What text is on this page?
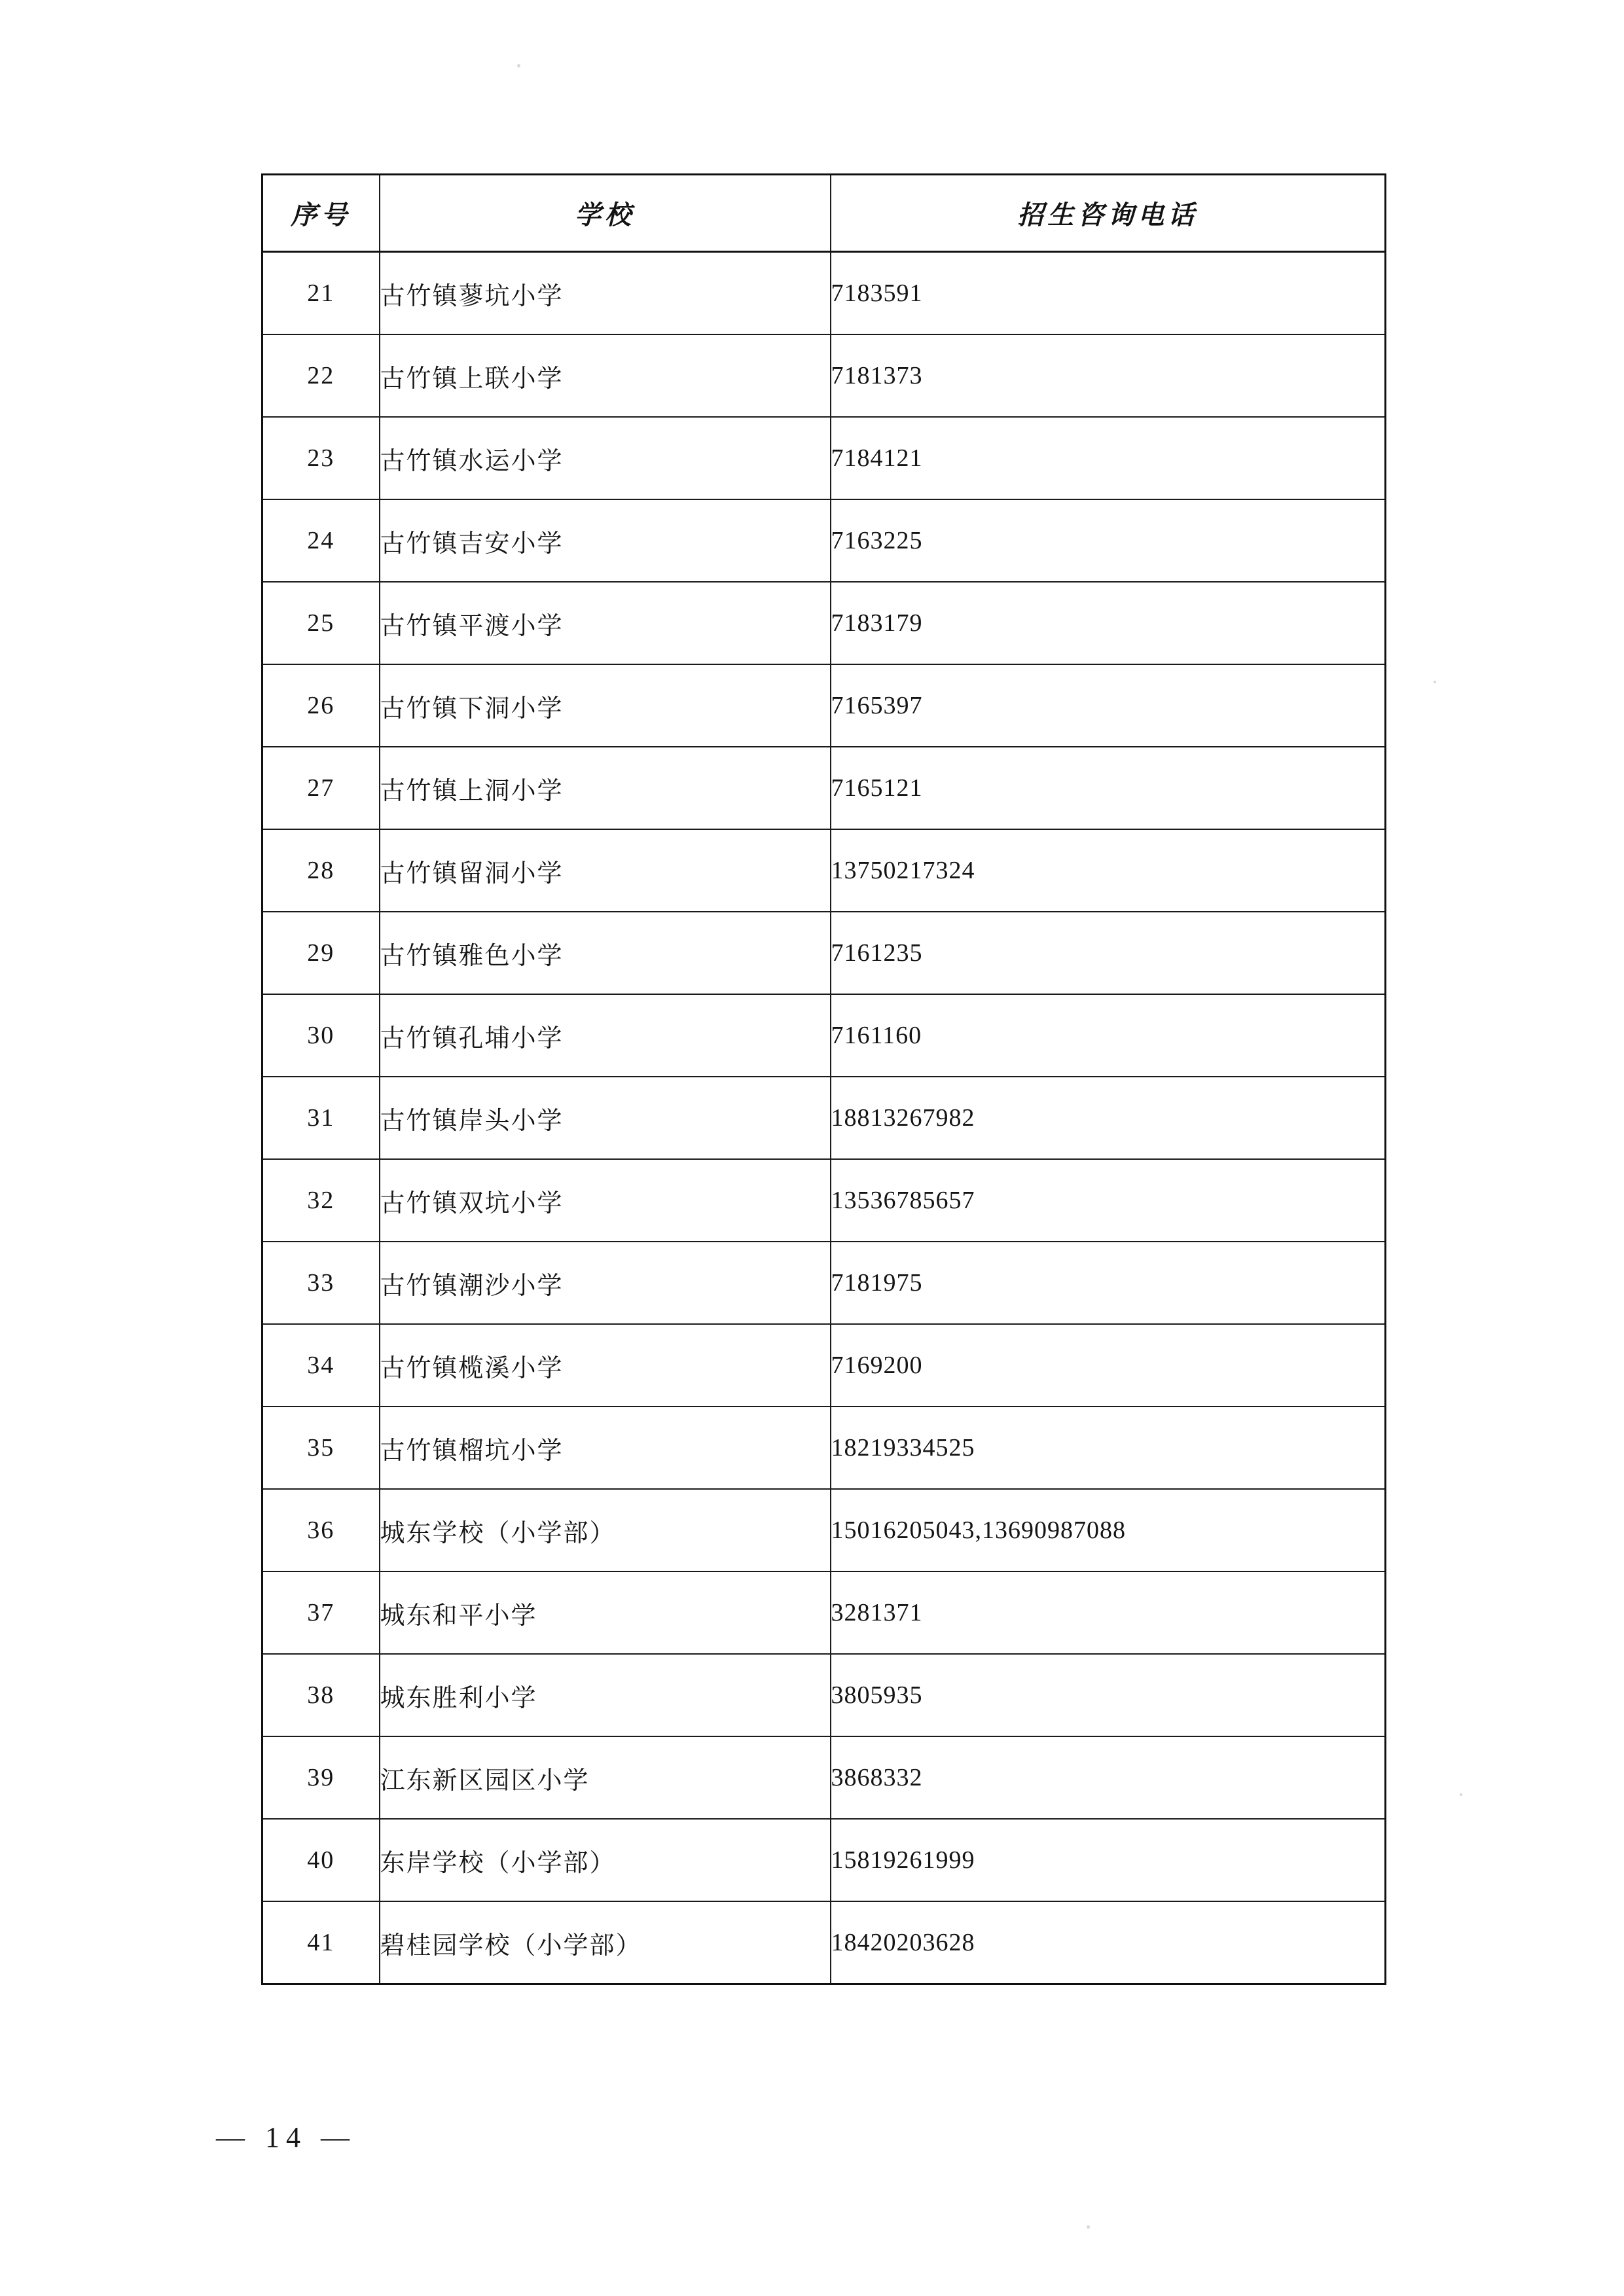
序号	学校	招生咨询电话
21	古竹镇蓼坑小学	7183591
22	古竹镇上联小学	7181373
23	古竹镇水运小学	7184121
24	古竹镇吉安小学	7163225
25	古竹镇平渡小学	7183179
26	古竹镇下洞小学	7165397
27	古竹镇上洞小学	7165121
28	古竹镇留洞小学	13750217324
29	古竹镇雅色小学	7161235
30	古竹镇孔埔小学	7161160
31	古竹镇岸头小学	18813267982
32	古竹镇双坑小学	13536785657
33	古竹镇潮沙小学	7181975
34	古竹镇榄溪小学	7169200
35	古竹镇榴坑小学	18219334525
36	城东学校（小学部）	15016205043,13690987088
37	城东和平小学	3281371
38	城东胜利小学	3805935
39	江东新区园区小学	3868332
40	东岸学校（小学部）	15819261999
41	碧桂园学校（小学部）	18420203628
— 14 —
